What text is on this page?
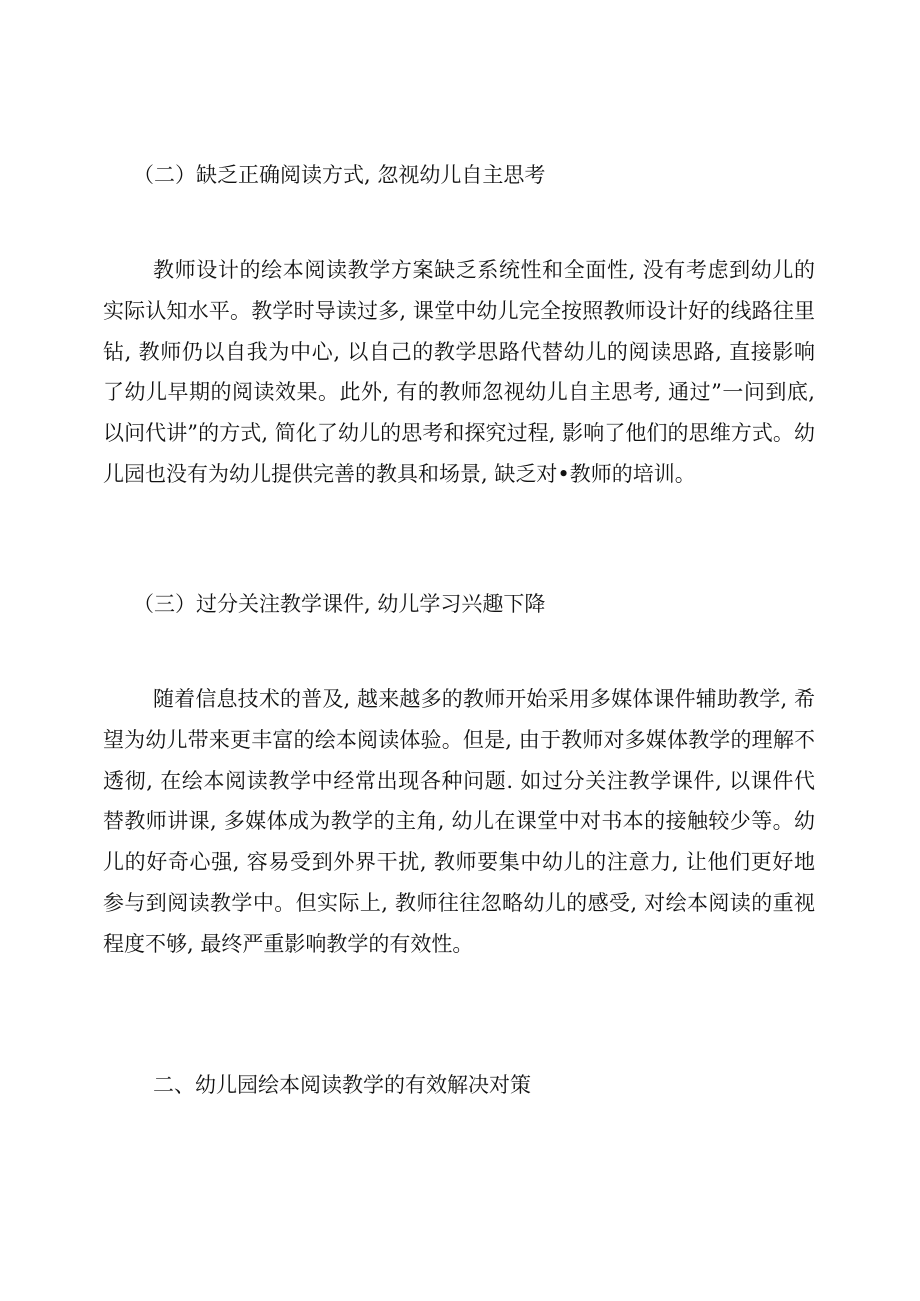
（二）缺乏正确阅读方式, 忽视幼儿自主思考
教师设计的绘本阅读教学方案缺乏系统性和全面性, 没有考虑到幼儿的实际认知水平。教学时导读过多, 课堂中幼儿完全按照教师设计好的线路往里钻, 教师仍以自我为中心, 以自己的教学思路代替幼儿的阅读思路, 直接影响了幼儿早期的阅读效果。此外, 有的教师忽视幼儿自主思考, 通过”一问到底, 以问代讲”的方式, 简化了幼儿的思考和探究过程, 影响了他们的思维方式。幼儿园也没有为幼儿提供完善的教具和场景, 缺乏对•教师的培训。
（三）过分关注教学课件, 幼儿学习兴趣下降
随着信息技术的普及, 越来越多的教师开始采用多媒体课件辅助教学, 希望为幼儿带来更丰富的绘本阅读体验。但是, 由于教师对多媒体教学的理解不透彻, 在绘本阅读教学中经常出现各种问题. 如过分关注教学课件, 以课件代替教师讲课, 多媒体成为教学的主角, 幼儿在课堂中对书本的接触较少等。幼儿的好奇心强, 容易受到外界干扰, 教师要集中幼儿的注意力, 让他们更好地参与到阅读教学中。但实际上, 教师往往忽略幼儿的感受, 对绘本阅读的重视程度不够, 最终严重影响教学的有效性。
二、幼儿园绘本阅读教学的有效解决对策
